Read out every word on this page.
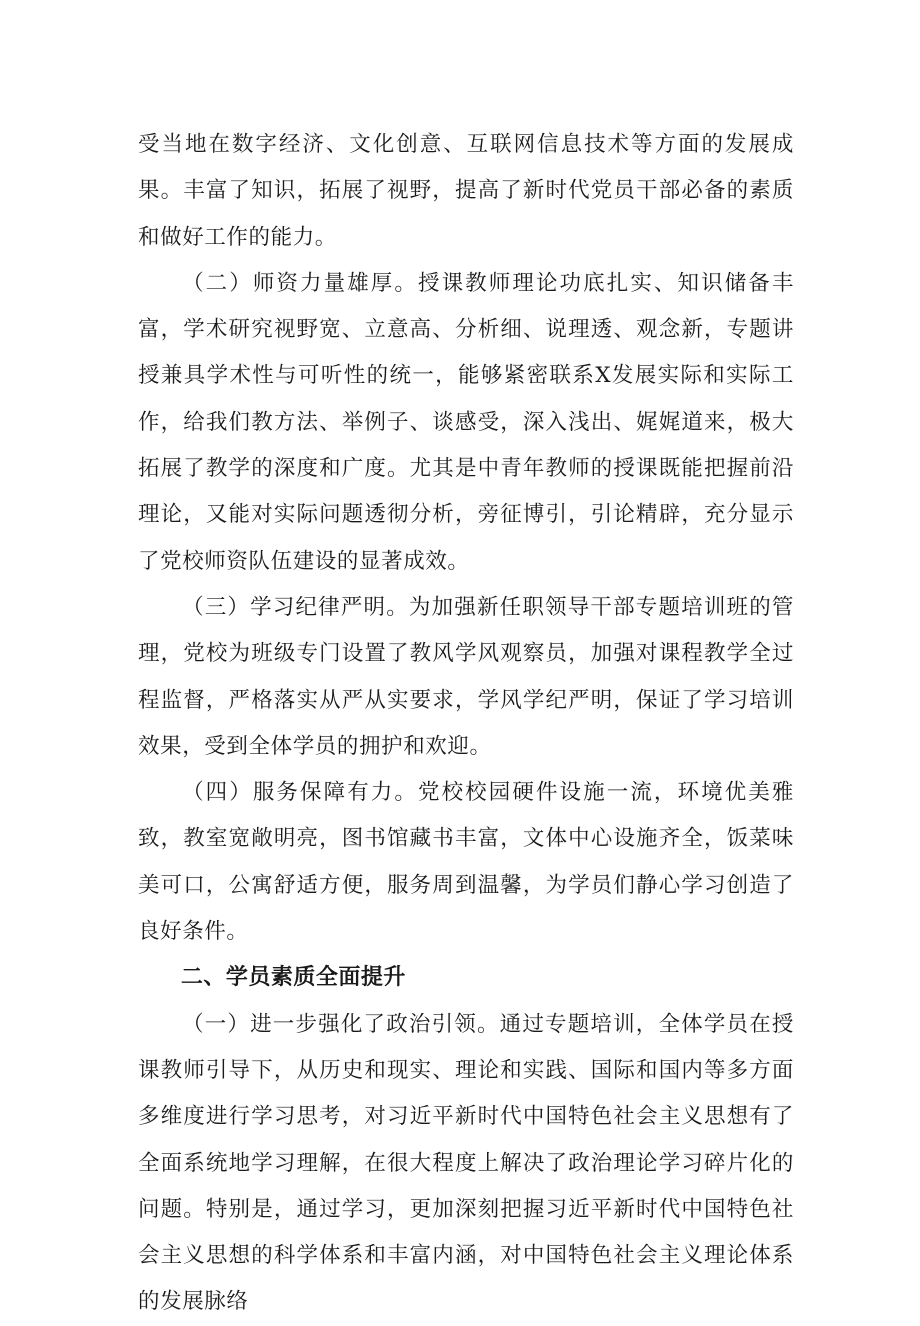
受当地在数字经济、文化创意、互联网信息技术等方面的发展成果。丰富了知识，拓展了视野，提高了新时代党员干部必备的素质和做好工作的能力。

（二）师资力量雄厚。授课教师理论功底扎实、知识储备丰富，学术研究视野宽、立意高、分析细、说理透、观念新，专题讲授兼具学术性与可听性的统一，能够紧密联系X发展实际和实际工作，给我们教方法、举例子、谈感受，深入浅出、娓娓道来，极大拓展了教学的深度和广度。尤其是中青年教师的授课既能把握前沿理论，又能对实际问题透彻分析，旁征博引，引论精辟，充分显示了党校师资队伍建设的显著成效。

（三）学习纪律严明。为加强新任职领导干部专题培训班的管理，党校为班级专门设置了教风学风观察员，加强对课程教学全过程监督，严格落实从严从实要求，学风学纪严明，保证了学习培训效果，受到全体学员的拥护和欢迎。

（四）服务保障有力。党校校园硬件设施一流，环境优美雅致，教室宽敞明亮，图书馆藏书丰富，文体中心设施齐全，饭菜味美可口，公寓舒适方便，服务周到温馨，为学员们静心学习创造了良好条件。

二、学员素质全面提升

（一）进一步强化了政治引领。通过专题培训，全体学员在授课教师引导下，从历史和现实、理论和实践、国际和国内等多方面多维度进行学习思考，对习近平新时代中国特色社会主义思想有了全面系统地学习理解，在很大程度上解决了政治理论学习碎片化的问题。特别是，通过学习，更加深刻把握习近平新时代中国特色社会主义思想的科学体系和丰富内涵，对中国特色社会主义理论体系的发展脉络
